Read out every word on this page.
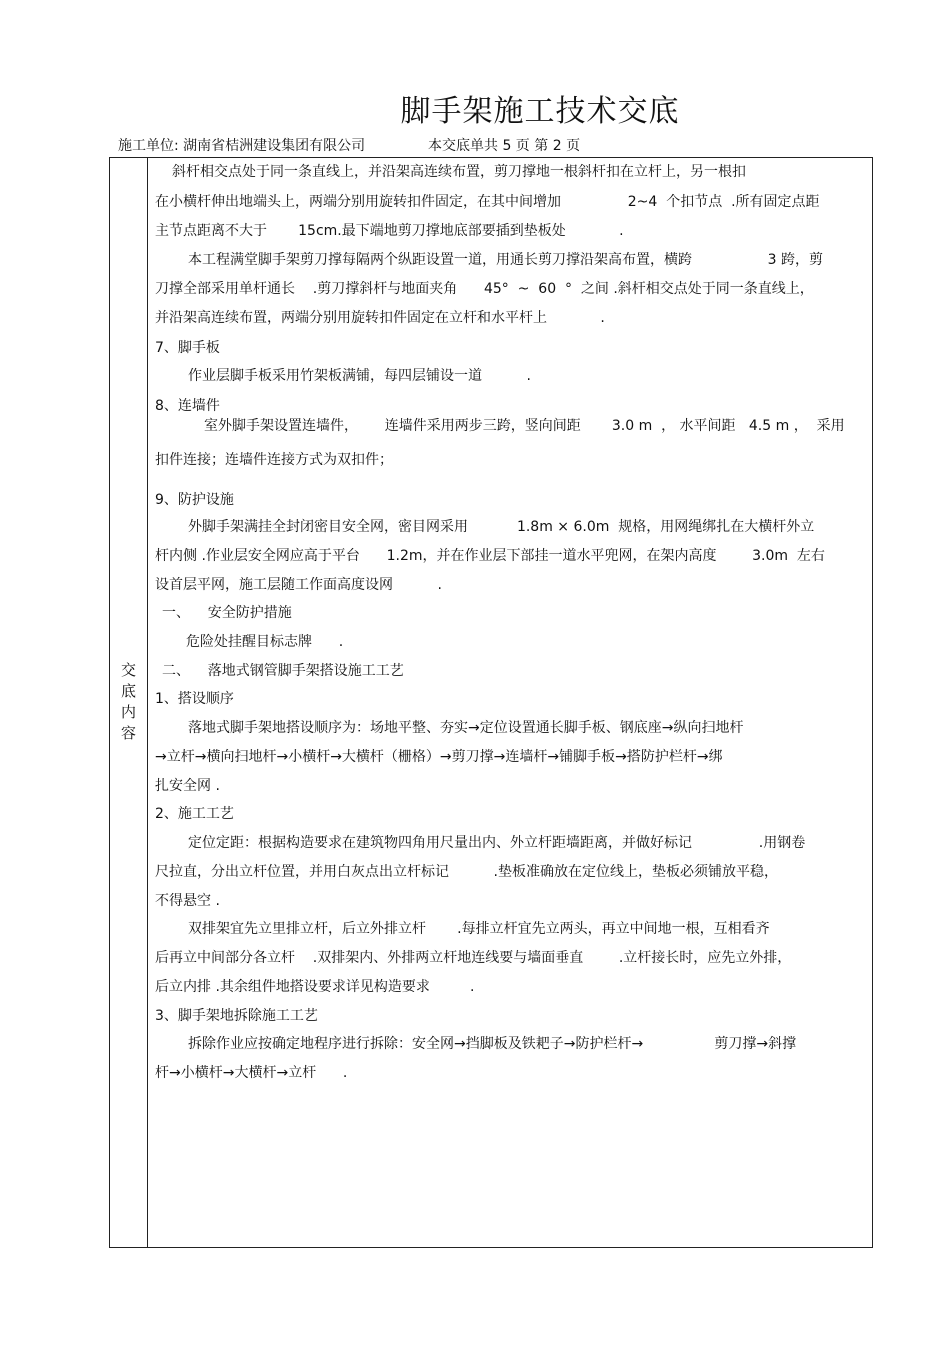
脚手架施工技术交底
施工单位: 湖南省桔洲建设集团有限公司	本交底单共 5 页 第 2 页
交
底
内
容
斜杆相交点处于同一条直线上，并沿架高连续布置，剪刀撑地一根斜杆扣在立杆上，另一根扣
在小横杆伸出地端头上，两端分别用旋转扣件固定，在其中间增加               2~4  个扣节点  .所有固定点距
主节点距离不大于       15cm.最下端地剪刀撑地底部要插到垫板处            .
本工程满堂脚手架剪刀撑每隔两个纵距设置一道，用通长剪刀撑沿架高布置，横跨                 3 跨，剪
刀撑全部采用单杆通长    .剪刀撑斜杆与地面夹角      45°  ~  60  °  之间 .斜杆相交点处于同一条直线上，
并沿架高连续布置，两端分别用旋转扣件固定在立杆和水平杆上            .
7、脚手板
作业层脚手板采用竹架板满铺，每四层铺设一道          .
8、连墙件
室外脚手架设置连墙件，      连墙件采用两步三跨，竖向间距       3.0 m  ， 水平间距   4.5 m ，  采用
扣件连接；连墙件连接方式为双扣件；
9、防护设施
外脚手架满挂全封闭密目安全网，密目网采用           1.8m × 6.0m  规格，用网绳绑扎在大横杆外立
杆内侧 .作业层安全网应高于平台      1.2m，并在作业层下部挂一道水平兜网，在架内高度        3.0m  左右
设首层平网，施工层随工作面高度设网          .
一、    安全防护措施
危险处挂醒目标志牌      .
二、    落地式钢管脚手架搭设施工工艺
1、搭设顺序
落地式脚手架地搭设顺序为：场地平整、夯实→定位设置通长脚手板、钢底座→纵向扫地杆
→立杆→横向扫地杆→小横杆→大横杆（栅格）→剪刀撑→连墙杆→铺脚手板→搭防护栏杆→绑
扎安全网 .
2、施工工艺
定位定距：根据构造要求在建筑物四角用尺量出内、外立杆距墙距离，并做好标记               .用钢卷
尺拉直，分出立杆位置，并用白灰点出立杆标记          .垫板准确放在定位线上，垫板必须铺放平稳，
不得悬空 .
双排架宜先立里排立杆，后立外排立杆       .每排立杆宜先立两头，再立中间地一根，互相看齐
后再立中间部分各立杆    .双排架内、外排两立杆地连线要与墙面垂直        .立杆接长时，应先立外排，
后立内排 .其余组件地搭设要求详见构造要求         .
3、脚手架地拆除施工工艺
拆除作业应按确定地程序进行拆除：安全网→挡脚板及铁耙子→防护栏杆→                剪刀撑→斜撑
杆→小横杆→大横杆→立杆      .
